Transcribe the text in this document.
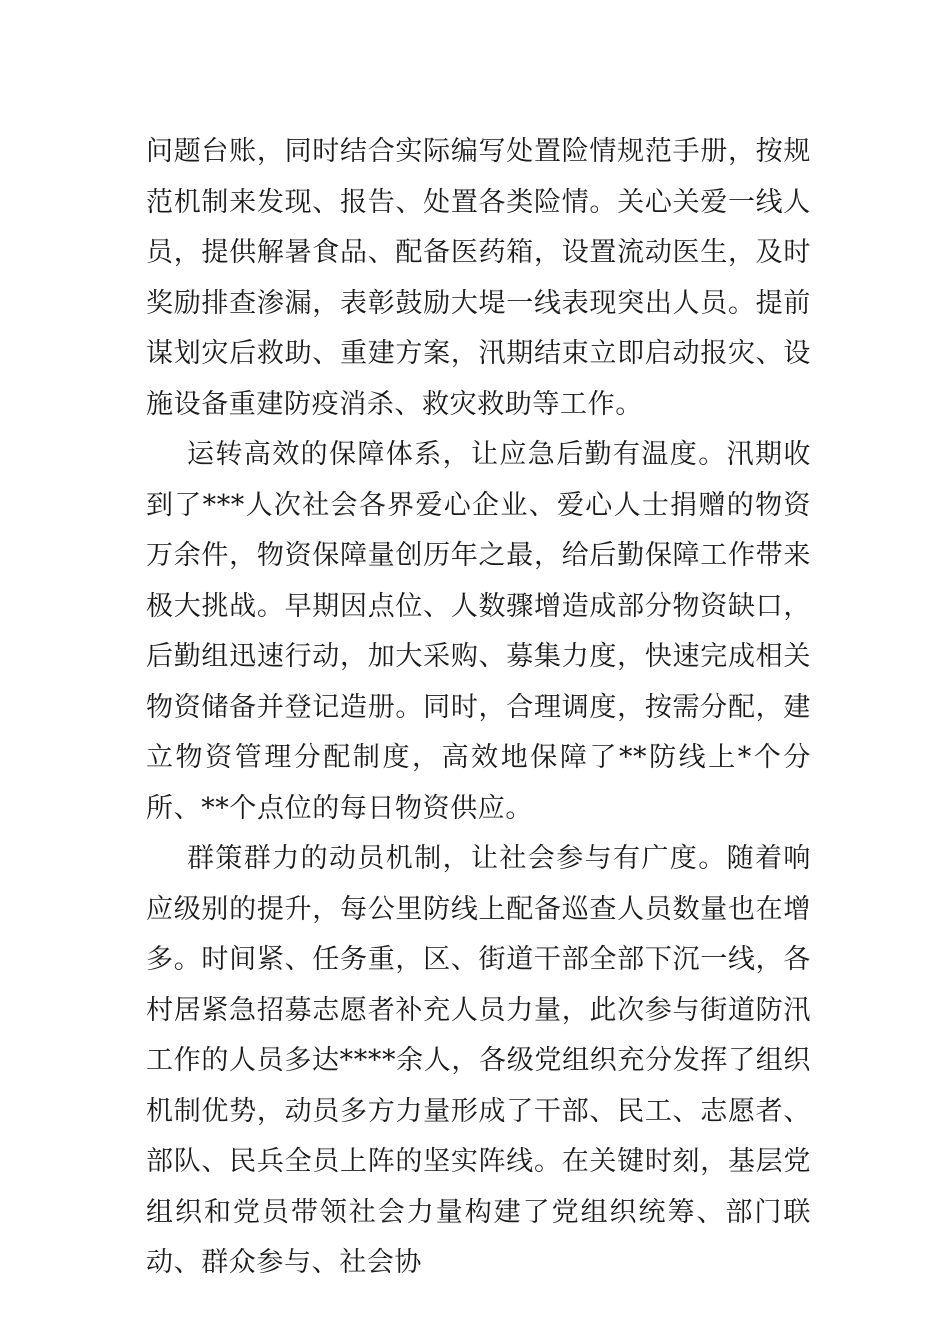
问题台账，同时结合实际编写处置险情规范手册，按规范机制来发现、报告、处置各类险情。关心关爱一线人员，提供解暑食品、配备医药箱，设置流动医生，及时奖励排查渗漏，表彰鼓励大堤一线表现突出人员。提前谋划灾后救助、重建方案，汛期结束立即启动报灾、设施设备重建防疫消杀、救灾救助等工作。

运转高效的保障体系，让应急后勤有温度。汛期收到了***人次社会各界爱心企业、爱心人士捐赠的物资万余件，物资保障量创历年之最，给后勤保障工作带来极大挑战。早期因点位、人数骤增造成部分物资缺口，后勤组迅速行动，加大采购、募集力度，快速完成相关物资储备并登记造册。同时，合理调度，按需分配，建立物资管理分配制度，高效地保障了**防线上*个分所、**个点位的每日物资供应。

群策群力的动员机制，让社会参与有广度。随着响应级别的提升，每公里防线上配备巡查人员数量也在增多。时间紧、任务重，区、街道干部全部下沉一线，各村居紧急招募志愿者补充人员力量，此次参与街道防汛工作的人员多达****余人，各级党组织充分发挥了组织机制优势，动员多方力量形成了干部、民工、志愿者、部队、民兵全员上阵的坚实阵线。在关键时刻，基层党组织和党员带领社会力量构建了党组织统筹、部门联动、群众参与、社会协
